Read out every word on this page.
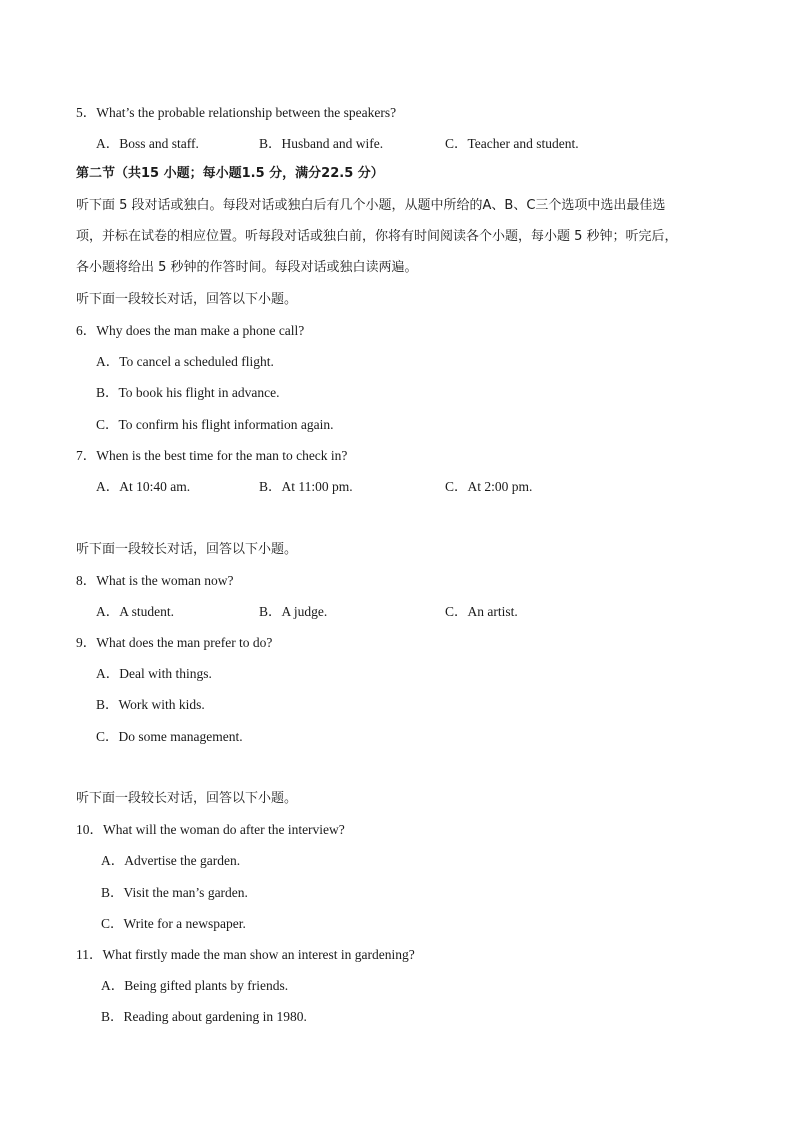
5．What’s the probable relationship between the speakers?
A．Boss and staff.	B．Husband and wife.	C．Teacher and student.
第二节（共15 小题；每小题1.5 分，满分22.5 分）
听下面 5 段对话或独白。每段对话或独白后有几个小题，从题中所给的A、B、C三个选项中选出最佳选
项，并标在试卷的相应位置。听每段对话或独白前，你将有时间阅读各个小题，每小题 5 秒钟；听完后，
各小题将给出 5 秒钟的作答时间。每段对话或独白读两遍。
听下面一段较长对话，回答以下小题。
6．Why does the man make a phone call?
A．To cancel a scheduled flight.
B．To book his flight in advance.
C．To confirm his flight information again.
7．When is the best time for the man to check in?
A．At 10:40 am.	B．At 11:00 pm.	C．At 2:00 pm.
听下面一段较长对话，回答以下小题。
8．What is the woman now?
A．A student.	B．A judge.	C．An artist.
9．What does the man prefer to do?
A．Deal with things.
B．Work with kids.
C．Do some management.
听下面一段较长对话，回答以下小题。
10．What will the woman do after the interview?
A．Advertise the garden.
B．Visit the man’s garden.
C．Write for a newspaper.
11．What firstly made the man show an interest in gardening?
A．Being gifted plants by friends.
B．Reading about gardening in 1980.
